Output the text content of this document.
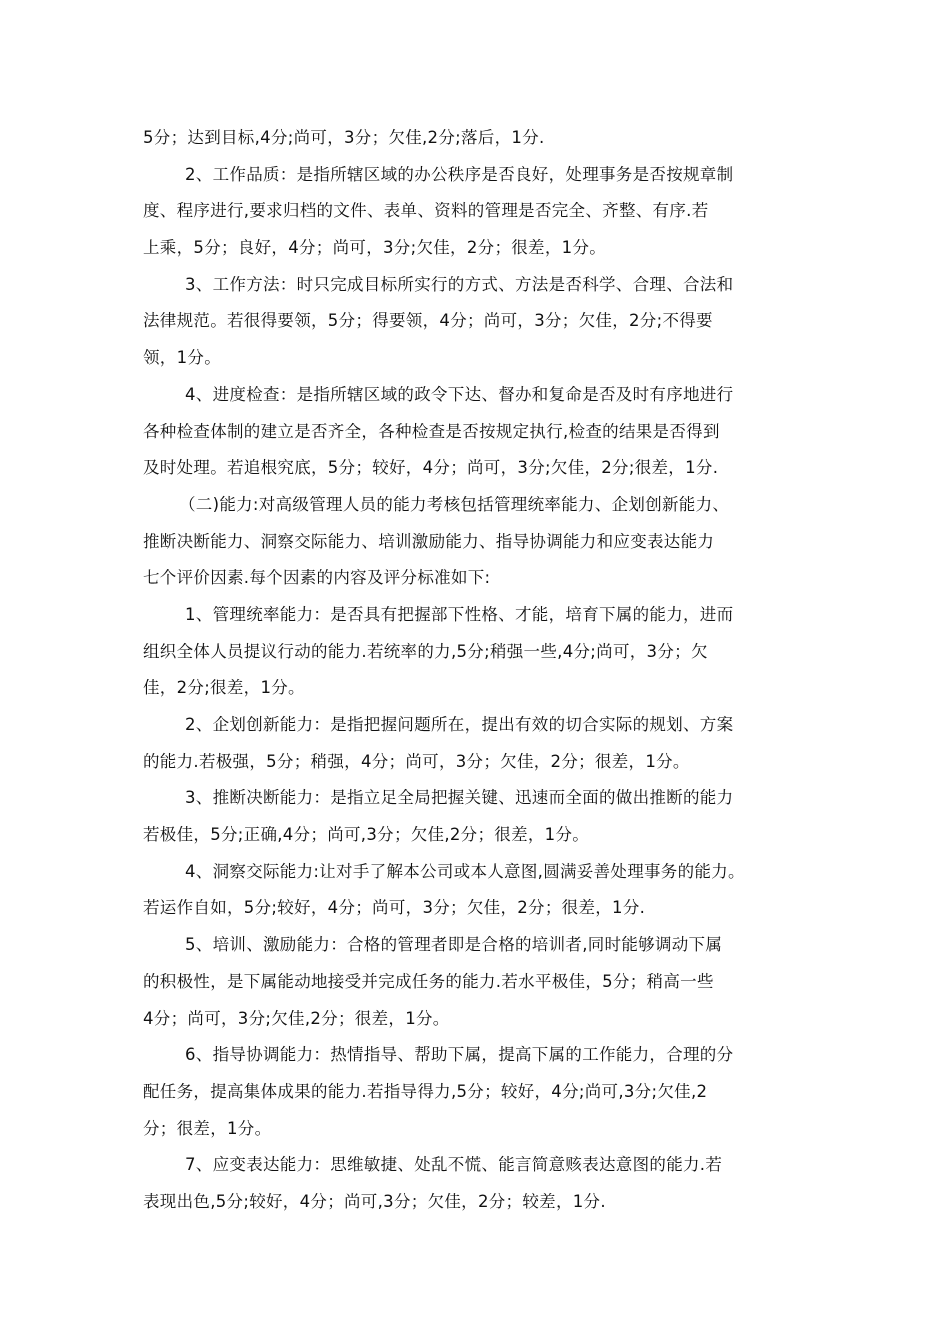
5分；达到目标,4分;尚可，3分；欠佳,2分;落后，1分.
2、工作品质：是指所辖区域的办公秩序是否良好，处理事务是否按规章制
度、程序进行,要求归档的文件、表单、资料的管理是否完全、齐整、有序.若
上乘，5分；良好，4分；尚可，3分;欠佳，2分；很差，1分。
3、工作方法：时只完成目标所实行的方式、方法是否科学、合理、合法和
法律规范。若很得要领，5分；得要领，4分；尚可，3分；欠佳，2分;不得要
领，1分。
4、进度检查：是指所辖区域的政令下达、督办和复命是否及时有序地进行
各种检查体制的建立是否齐全，各种检查是否按规定执行,检查的结果是否得到
及时处理。若追根究底，5分；较好，4分；尚可，3分;欠佳，2分;很差，1分.
（二)能力:对高级管理人员的能力考核包括管理统率能力、企划创新能力、
推断决断能力、洞察交际能力、培训激励能力、指导协调能力和应变表达能力
七个评价因素.每个因素的内容及评分标准如下:
1、管理统率能力：是否具有把握部下性格、才能，培育下属的能力，进而
组织全体人员提议行动的能力.若统率的力,5分;稍强一些,4分;尚可，3分；欠
佳，2分;很差，1分。
2、企划创新能力：是指把握问题所在，提出有效的切合实际的规划、方案
的能力.若极强，5分；稍强，4分；尚可，3分；欠佳，2分；很差，1分。
3、推断决断能力：是指立足全局把握关键、迅速而全面的做出推断的能力
若极佳，5分;正确,4分；尚可,3分；欠佳,2分；很差，1分。
4、洞察交际能力:让对手了解本公司或本人意图,圆满妥善处理事务的能力。
若运作自如，5分;较好，4分；尚可，3分；欠佳，2分；很差，1分.
5、培训、激励能力：合格的管理者即是合格的培训者,同时能够调动下属
的积极性，是下属能动地接受并完成任务的能力.若水平极佳，5分；稍高一些
4分；尚可，3分;欠佳,2分；很差，1分。
6、指导协调能力：热情指导、帮助下属，提高下属的工作能力，合理的分
配任务，提高集体成果的能力.若指导得力,5分；较好，4分;尚可,3分;欠佳,2
分；很差，1分。
7、应变表达能力：思维敏捷、处乱不慌、能言简意赅表达意图的能力.若
表现出色,5分;较好，4分；尚可,3分；欠佳，2分；较差，1分.
